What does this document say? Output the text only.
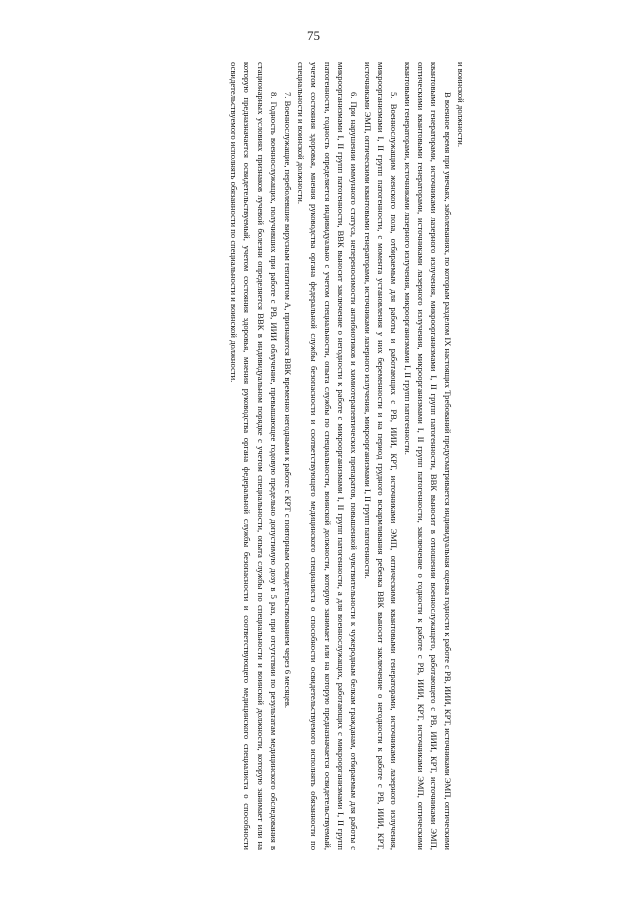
75

и воинской должности.

В военное время при увечьях, заболеваниях, по которым разделом IX настоящих Требований предусматривается индивидуальная оценка годности к работе с РВ, ИИИ, КРТ, источниками ЭМП, оптическими квантовыми генераторами, источниками лазерного излучения, микроорганизмами I, II групп патогенности, ВВК выносит в отношении военнослужащего, работающего с РВ, ИИИ, КРТ, источниками ЭМП, оптическими квантовыми генераторами, источниками лазерного излучения, микроорганизмами I, II групп патогенности, заключение о годности к работе с РВ, ИИИ, КРТ, источниками ЭМП, оптическими квантовыми генераторами, источниками лазерного излучения, микроорганизмами I, II групп патогенности.

5. Военнослужащим женского пола, отбираемым для работы и работающих с РВ, ИИИ, КРТ, источниками ЭМП, оптическими квантовыми генераторами, источниками лазерного излучения, микроорганизмами I, II групп патогенности, с момента установления у них беременности и на период грудного вскармливания ребенка ВВК выносит заключение о негодности к работе с РВ, ИИИ, КРТ, источниками ЭМП, оптическими квантовыми генераторами, источниками лазерного излучения, микроорганизмами I, II групп патогенности.

6. При нарушении иммунного статуса, непереносимости антибиотиков и химиотерапевтических препаратов, повышенной чувствительности к чужеродным белкам гражданам, отбираемым для работы с микроорганизмами I, II групп патогенности, ВВК выносит заключение о негодности к работе с микроорганизмами I, II групп патогенности, а для военнослужащих, работающих с микроорганизмами I, II групп патогенности, годность определяется индивидуально с учетом специальности, опыта службы по специальности, воинской должности, которую занимает или на которую предназначается освидетельствуемый, учетом состояния здоровья, мнения руководства органа федеральной службы безопасности и соответствующего медицинского специалиста о способности освидетельствуемого исполнять обязанности по специальности и воинской должности.

7. Военнослужащие, переболевшие вирусным гепатитом А, признаются ВВК временно негодными к работе с КРТ с повторным освидетельствованием через 6 месяцев.

8. Годность военнослужащих, получивших при работе с РВ, ИИИ облучение, превышающее годовую предельно допустимую дозу в 5 раз, при отсутствии по результатам медицинского обследования в стационарных условиях признаков лучевой болезни определяется ВВК в индивидуальном порядке с учетом специальности, опыта службы по специальности и воинской должности, которую занимает или на которую предназначается освидетельствуемый, учетом состояния здоровья, мнения руководства органа федеральной службы безопасности и соответствующего медицинского специалиста о способности освидетельствуемого исполнять обязанности по специальности и воинской должности.
